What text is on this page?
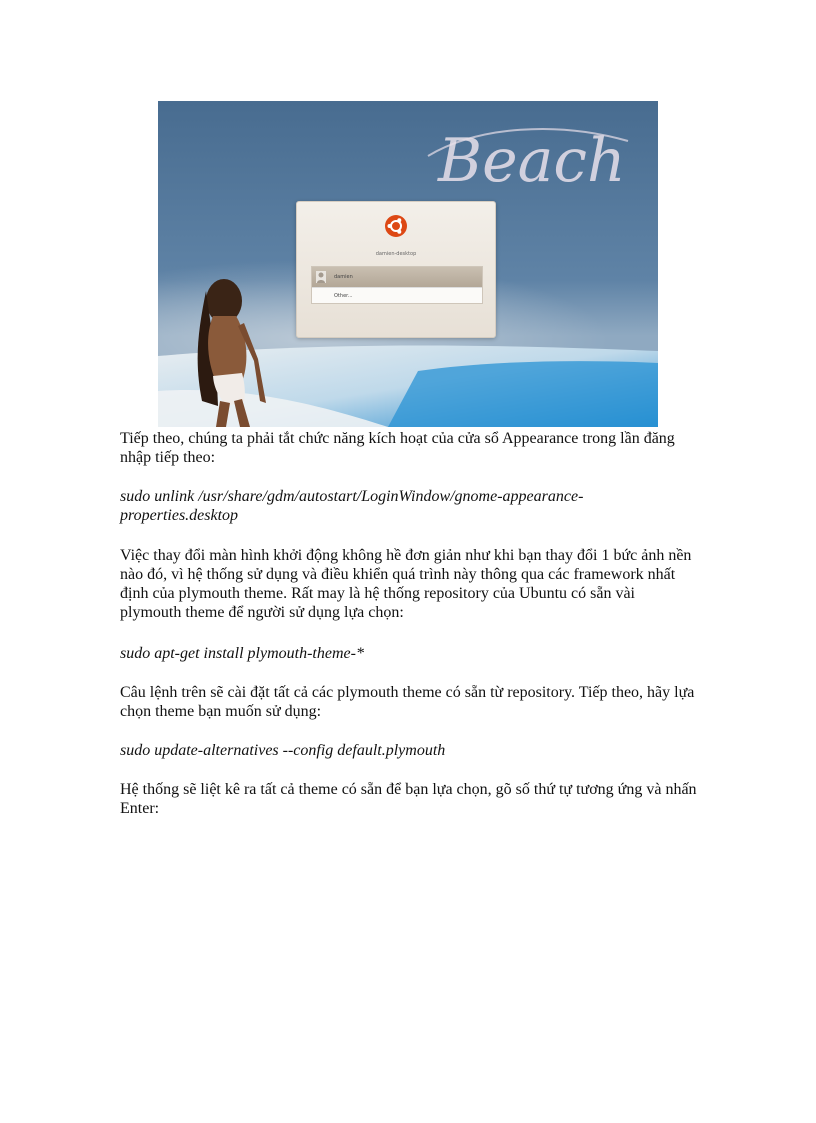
Beach
damien-desktop
damien
Other...

Tiếp theo, chúng ta phải tắt chức năng kích hoạt của cửa sổ Appearance trong lần đăng nhập tiếp theo:

sudo unlink /usr/share/gdm/autostart/LoginWindow/gnome-appearance-properties.desktop

Việc thay đổi màn hình khởi động không hề đơn giản như khi bạn thay đổi 1 bức ảnh nền nào đó, vì hệ thống sử dụng và điều khiển quá trình này thông qua các framework nhất định của plymouth theme. Rất may là hệ thống repository của Ubuntu có sẵn vài plymouth theme để người sử dụng lựa chọn:

sudo apt-get install plymouth-theme-*

Câu lệnh trên sẽ cài đặt tất cả các plymouth theme có sẵn từ repository. Tiếp theo, hãy lựa chọn theme bạn muốn sử dụng:

sudo update-alternatives --config default.plymouth

Hệ thống sẽ liệt kê ra tất cả theme có sẵn để bạn lựa chọn, gõ số thứ tự tương ứng và nhấn Enter:
